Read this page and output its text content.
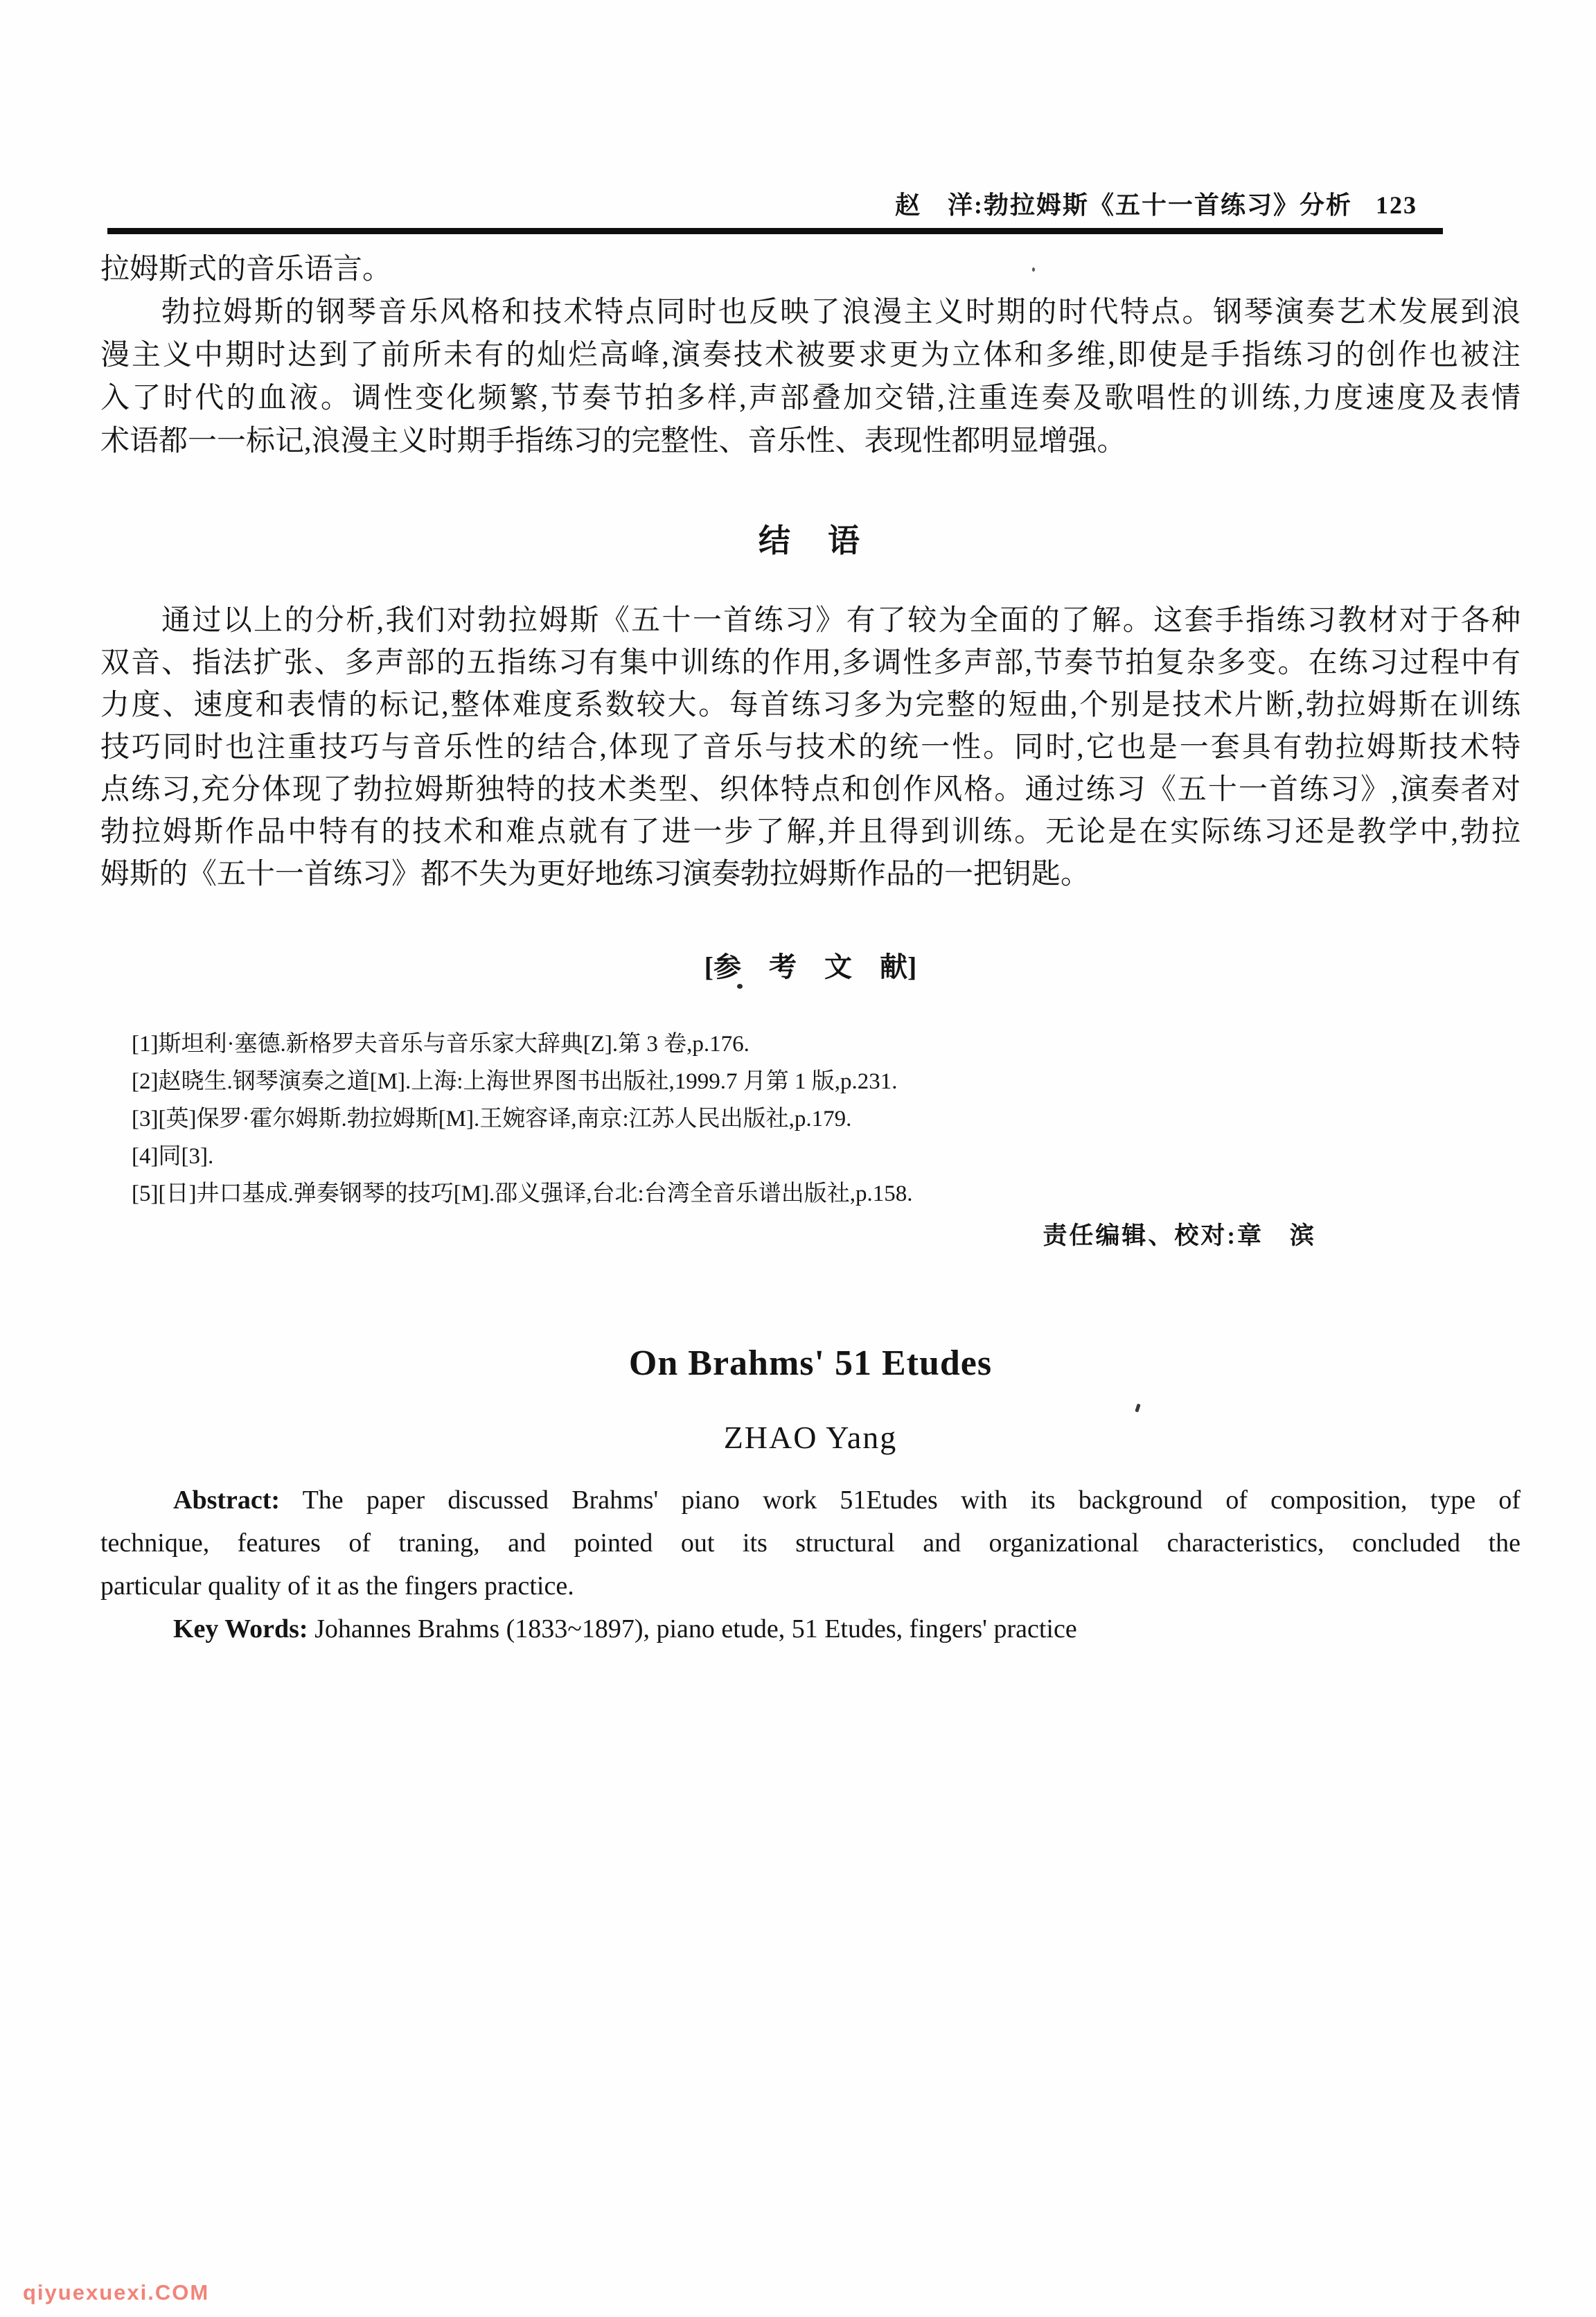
赵　洋:勃拉姆斯《五十一首练习》分析 123
拉姆斯式的音乐语言。
勃拉姆斯的钢琴音乐风格和技术特点同时也反映了浪漫主义时期的时代特点。钢琴演奏艺术发展到浪
漫主义中期时达到了前所未有的灿烂高峰,演奏技术被要求更为立体和多维,即使是手指练习的创作也被注
入了时代的血液。调性变化频繁,节奏节拍多样,声部叠加交错,注重连奏及歌唱性的训练,力度速度及表情
术语都一一标记,浪漫主义时期手指练习的完整性、音乐性、表现性都明显增强。
结　语
通过以上的分析,我们对勃拉姆斯《五十一首练习》有了较为全面的了解。这套手指练习教材对于各种
双音、指法扩张、多声部的五指练习有集中训练的作用,多调性多声部,节奏节拍复杂多变。在练习过程中有
力度、速度和表情的标记,整体难度系数较大。每首练习多为完整的短曲,个别是技术片断,勃拉姆斯在训练
技巧同时也注重技巧与音乐性的结合,体现了音乐与技术的统一性。同时,它也是一套具有勃拉姆斯技术特
点练习,充分体现了勃拉姆斯独特的技术类型、织体特点和创作风格。通过练习《五十一首练习》,演奏者对
勃拉姆斯作品中特有的技术和难点就有了进一步了解,并且得到训练。无论是在实际练习还是教学中,勃拉
姆斯的《五十一首练习》都不失为更好地练习演奏勃拉姆斯作品的一把钥匙。
[参　考　文　献]
[1]斯坦利·塞德.新格罗夫音乐与音乐家大辞典[Z].第 3 卷,p.176.
[2]赵晓生.钢琴演奏之道[M].上海:上海世界图书出版社,1999.7 月第 1 版,p.231.
[3][英]保罗·霍尔姆斯.勃拉姆斯[M].王婉容译,南京:江苏人民出版社,p.179.
[4]同[3].
[5][日]井口基成.弹奏钢琴的技巧[M].邵义强译,台北:台湾全音乐谱出版社,p.158.
责任编辑、校对:章　滨
On Brahms' 51 Etudes
ZHAO Yang
Abstract: The paper discussed Brahms' piano work 51Etudes with its background of composition, type of
technique, features of traning, and pointed out its structural and organizational characteristics, concluded the
particular quality of it as the fingers practice.
Key Words: Johannes Brahms (1833~1897), piano etude, 51 Etudes, fingers' practice
qiyuexuexi.COM
